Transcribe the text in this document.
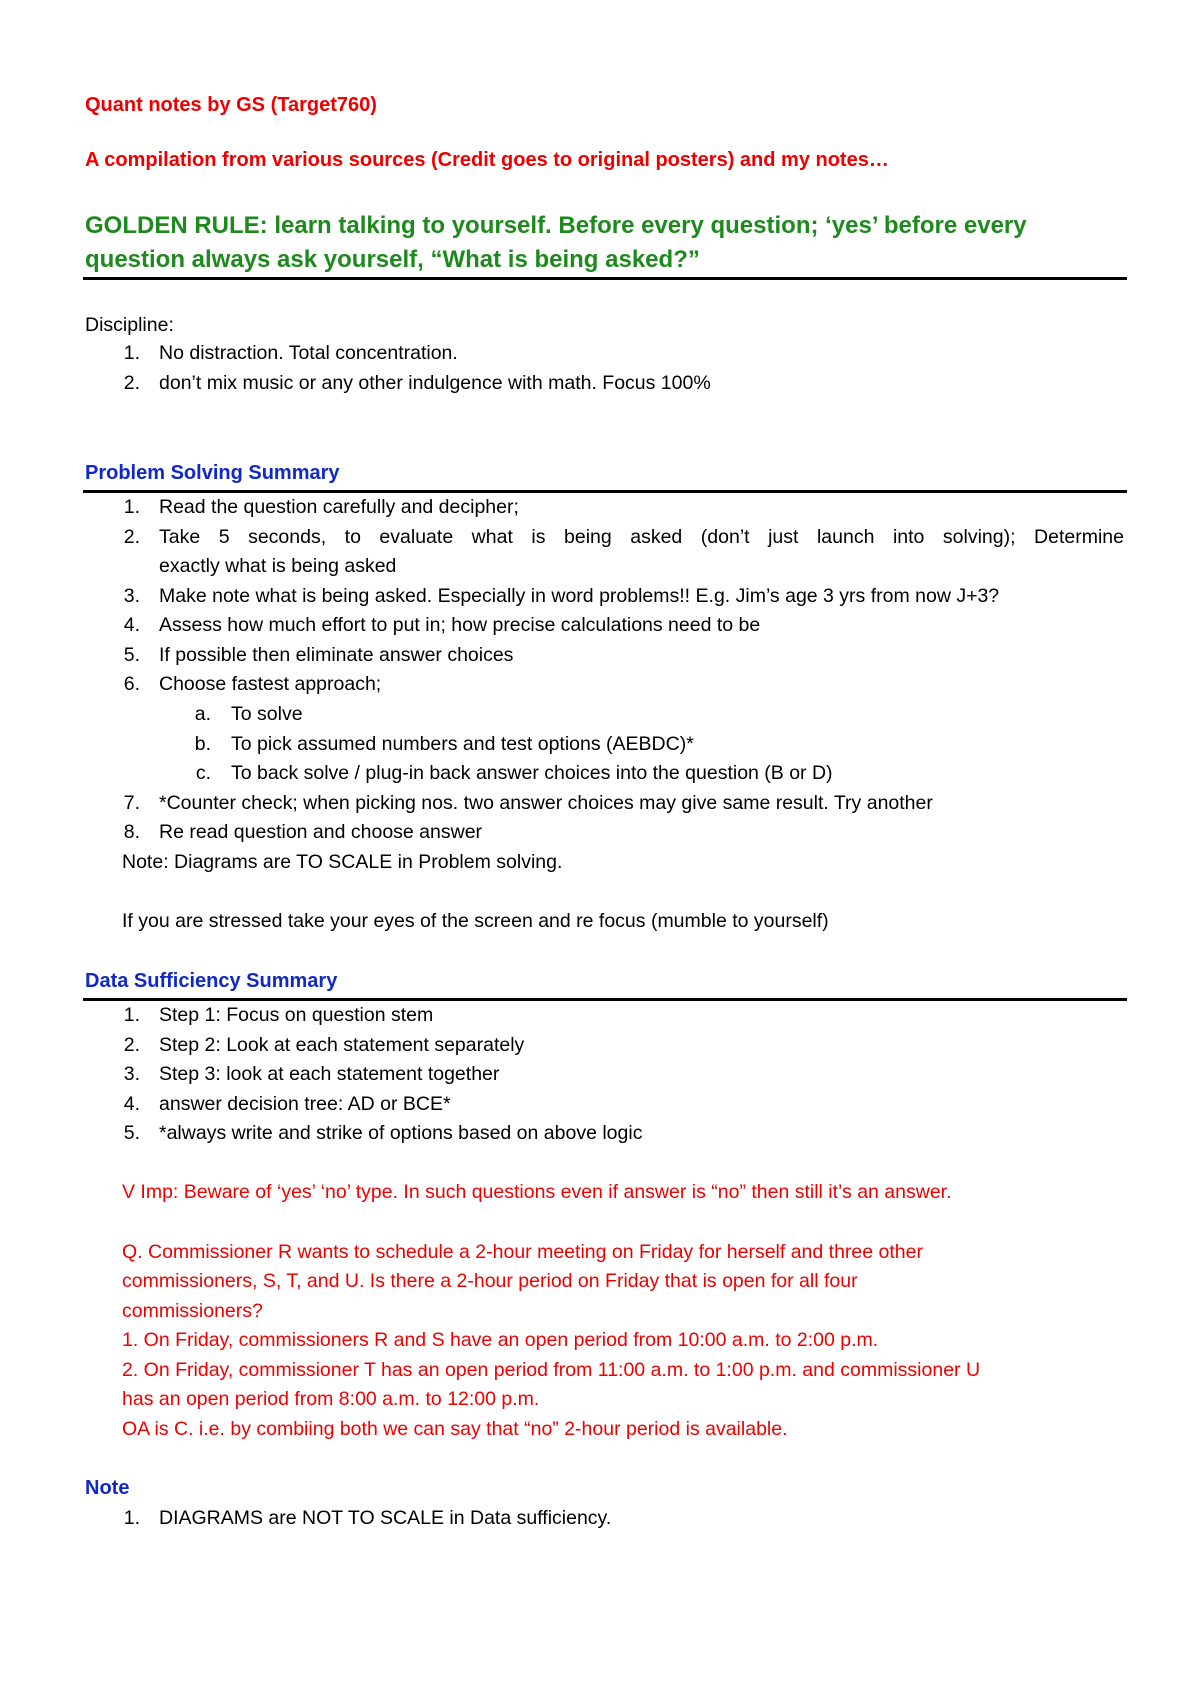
Quant notes by GS (Target760)
A compilation from various sources (Credit goes to original posters) and my notes…
GOLDEN RULE: learn talking to yourself. Before every question; ‘yes’ before every
question always ask yourself, “What is being asked?”
Discipline:
1. No distraction. Total concentration.
2. don’t mix music or any other indulgence with math. Focus 100%
Problem Solving Summary
1. Read the question carefully and decipher;
2. Take 5 seconds, to evaluate what is being asked (don’t just launch into solving); Determine
exactly what is being asked
3. Make note what is being asked. Especially in word problems!! E.g. Jim’s age 3 yrs from now J+3?
4. Assess how much effort to put in; how precise calculations need to be
5. If possible then eliminate answer choices
6. Choose fastest approach;
a. To solve
b. To pick assumed numbers and test options (AEBDC)*
c. To back solve / plug-in back answer choices into the question (B or D)
7. *Counter check; when picking nos. two answer choices may give same result. Try another
8. Re read question and choose answer
Note: Diagrams are TO SCALE in Problem solving.
If you are stressed take your eyes of the screen and re focus (mumble to yourself)
Data Sufficiency Summary
1. Step 1: Focus on question stem
2. Step 2: Look at each statement separately
3. Step 3: look at each statement together
4. answer decision tree: AD or BCE*
5. *always write and strike of options based on above logic
V Imp: Beware of ‘yes’ ‘no’ type. In such questions even if answer is “no” then still it’s an answer.
Q. Commissioner R wants to schedule a 2-hour meeting on Friday for herself and three other
commissioners, S, T, and U. Is there a 2-hour period on Friday that is open for all four
commissioners?
1. On Friday, commissioners R and S have an open period from 10:00 a.m. to 2:00 p.m.
2. On Friday, commissioner T has an open period from 11:00 a.m. to 1:00 p.m. and commissioner U
has an open period from 8:00 a.m. to 12:00 p.m.
OA is C. i.e. by combiing both we can say that “no” 2-hour period is available.
Note
1. DIAGRAMS are NOT TO SCALE in Data sufficiency.
